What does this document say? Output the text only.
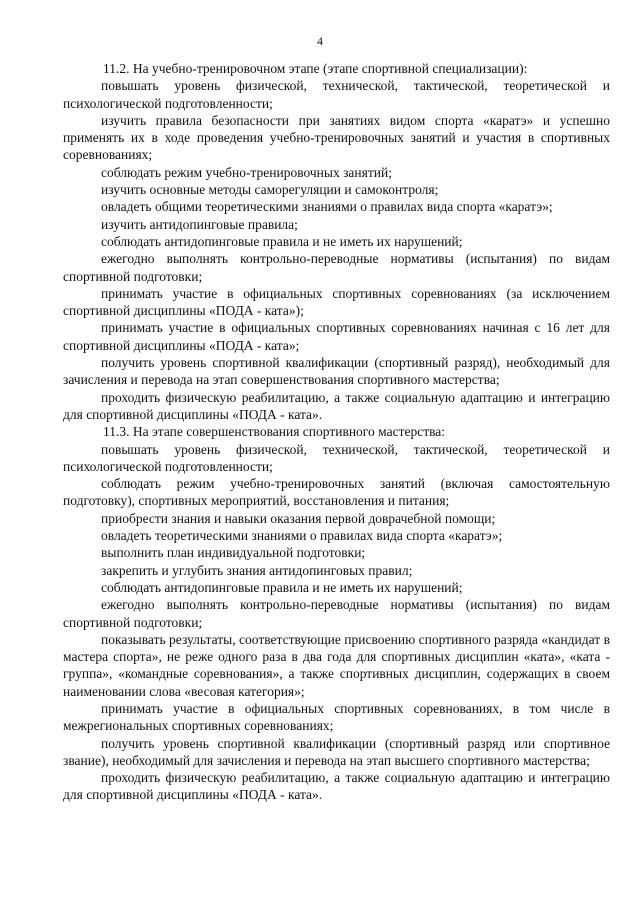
4

11.2. На учебно-тренировочном этапе (этапе спортивной специализации):

повышать уровень физической, технической, тактической, теоретической и психологической подготовленности;

изучить правила безопасности при занятиях видом спорта «каратэ» и успешно применять их в ходе проведения учебно-тренировочных занятий и участия в спортивных соревнованиях;

соблюдать режим учебно-тренировочных занятий;

изучить основные методы саморегуляции и самоконтроля;

овладеть общими теоретическими знаниями о правилах вида спорта «каратэ»;

изучить антидопинговые правила;

соблюдать антидопинговые правила и не иметь их нарушений;

ежегодно выполнять контрольно-переводные нормативы (испытания) по видам спортивной подготовки;

принимать участие в официальных спортивных соревнованиях (за исключением спортивной дисциплины «ПОДА - ката»);

принимать участие в официальных спортивных соревнованиях начиная с 16 лет для спортивной дисциплины «ПОДА - ката»;

получить уровень спортивной квалификации (спортивный разряд), необходимый для зачисления и перевода на этап совершенствования спортивного мастерства;

проходить физическую реабилитацию, а также социальную адаптацию и интеграцию для спортивной дисциплины «ПОДА - ката».

11.3. На этапе совершенствования спортивного мастерства:

повышать уровень физической, технической, тактической, теоретической и психологической подготовленности;

соблюдать режим учебно-тренировочных занятий (включая самостоятельную подготовку), спортивных мероприятий, восстановления и питания;

приобрести знания и навыки оказания первой доврачебной помощи;

овладеть теоретическими знаниями о правилах вида спорта «каратэ»;

выполнить план индивидуальной подготовки;

закрепить и углубить знания антидопинговых правил;

соблюдать антидопинговые правила и не иметь их нарушений;

ежегодно выполнять контрольно-переводные нормативы (испытания) по видам спортивной подготовки;

показывать результаты, соответствующие присвоению спортивного разряда «кандидат в мастера спорта», не реже одного раза в два года для спортивных дисциплин «ката», «ката - группа», «командные соревнования», а также спортивных дисциплин, содержащих в своем наименовании слова «весовая категория»;

принимать участие в официальных спортивных соревнованиях, в том числе в межрегиональных спортивных соревнованиях;

получить уровень спортивной квалификации (спортивный разряд или спортивное звание), необходимый для зачисления и перевода на этап высшего спортивного мастерства;

проходить физическую реабилитацию, а также социальную адаптацию и интеграцию для спортивной дисциплины «ПОДА - ката».
